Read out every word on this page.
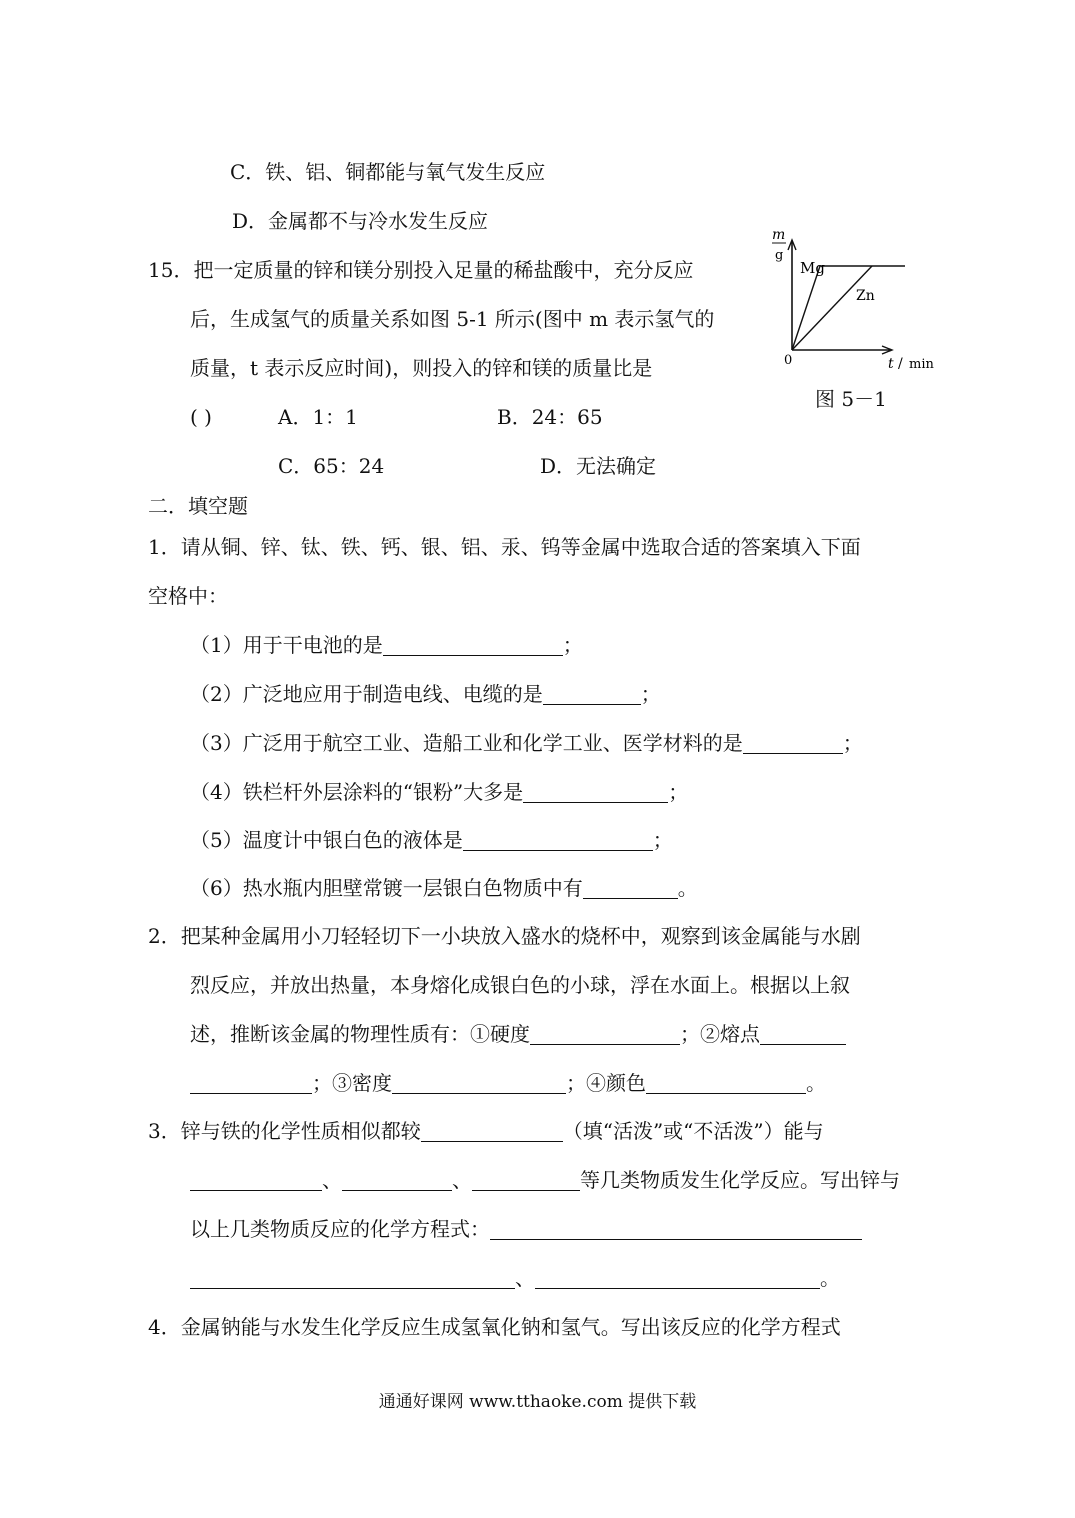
C．铁、铝、铜都能与氧气发生反应
D．金属都不与冷水发生反应
15．把一定质量的锌和镁分别投入足量的稀盐酸中，充分反应
后，生成氢气的质量关系如图 5-1 所示(图中 m 表示氢气的
质量，t 表示反应时间)，则投入的锌和镁的质量比是
( )	A．1：1	B．24：65
C．65：24	D．无法确定
m
g
Mg
Zn
0	t / min
图 5－1
二．填空题
1．请从铜、锌、钛、铁、钙、银、铝、汞、钨等金属中选取合适的答案填入下面
空格中：
（1）用于干电池的是	；
（2）广泛地应用于制造电线、电缆的是	；
（3）广泛用于航空工业、造船工业和化学工业、医学材料的是	；
（4）铁栏杆外层涂料的“银粉”大多是	；
（5）温度计中银白色的液体是	；
（6）热水瓶内胆壁常镀一层银白色物质中有	。
2．把某种金属用小刀轻轻切下一小块放入盛水的烧杯中，观察到该金属能与水剧
烈反应，并放出热量，本身熔化成银白色的小球，浮在水面上。根据以上叙
述，推断该金属的物理性质有：①硬度	；②熔点
；③密度	；④颜色	。
3．锌与铁的化学性质相似都较	（填“活泼”或“不活泼”）能与
、	、	等几类物质发生化学反应。写出锌与
以上几类物质反应的化学方程式：
、	。
4．金属钠能与水发生化学反应生成氢氧化钠和氢气。写出该反应的化学方程式
通通好课网 www.tthaoke.com 提供下载
